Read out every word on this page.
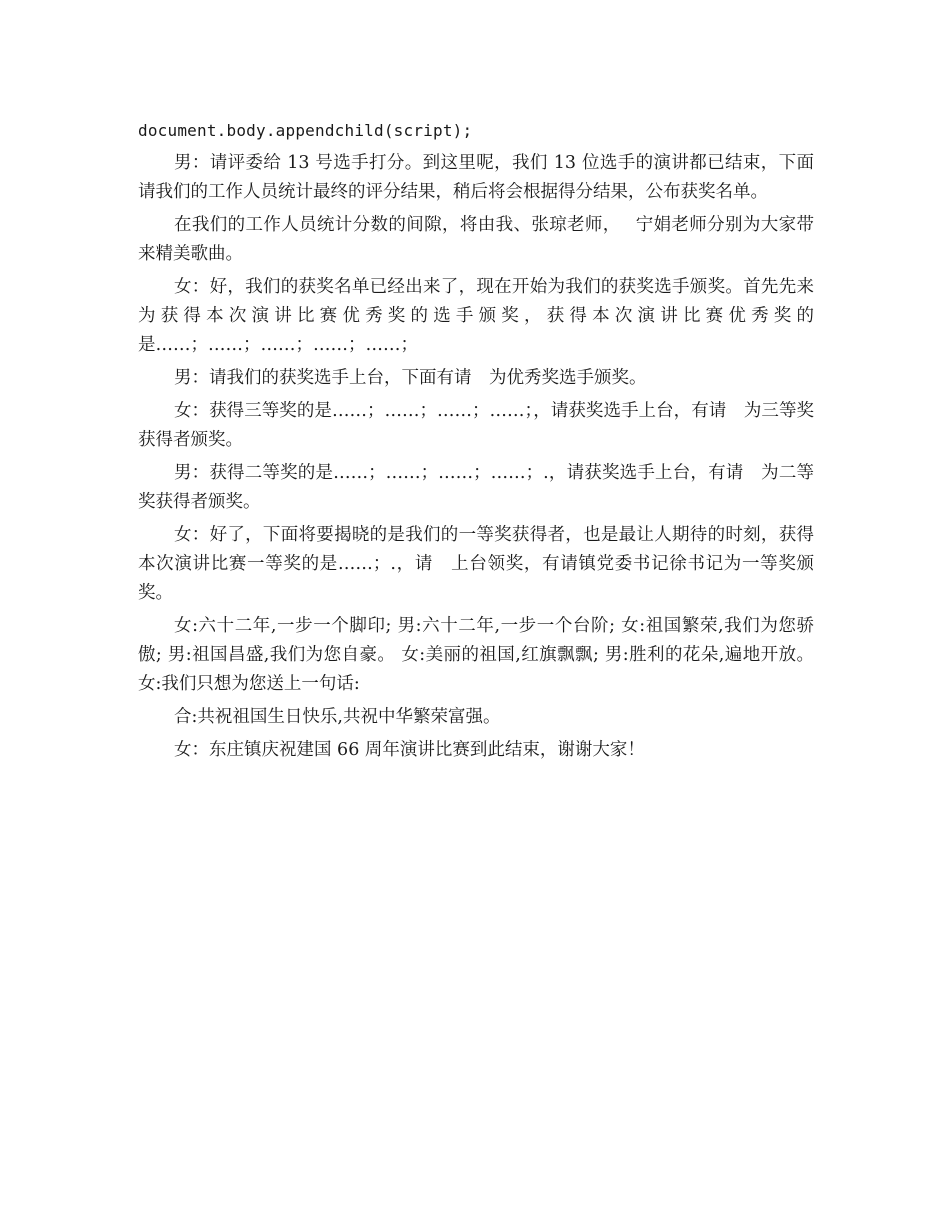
document.body.appendchild(script);

男：请评委给 13 号选手打分。到这里呢，我们 13 位选手的演讲都已结束，下面请我们的工作人员统计最终的评分结果，稍后将会根据得分结果，公布获奖名单。

在我们的工作人员统计分数的间隙，将由我、张琼老师，　 宁娟老师分别为大家带来精美歌曲。

女：好，我们的获奖名单已经出来了，现在开始为我们的获奖选手颁奖。首先先来为获得本次演讲比赛优秀奖的选手颁奖，获得本次演讲比赛优秀奖的是……；……；……；……；……；

男：请我们的获奖选手上台，下面有请　为优秀奖选手颁奖。

女：获得三等奖的是……；……；……；……；，请获奖选手上台，有请　为三等奖获得者颁奖。

男：获得二等奖的是……；……；……；……；.，请获奖选手上台，有请　为二等奖获得者颁奖。

女：好了，下面将要揭晓的是我们的一等奖获得者，也是最让人期待的时刻，获得本次演讲比赛一等奖的是……；.，请　上台领奖，有请镇党委书记徐书记为一等奖颁奖。

女:六十二年,一步一个脚印; 男:六十二年,一步一个台阶; 女:祖国繁荣,我们为您骄傲; 男:祖国昌盛,我们为您自豪。 女:美丽的祖国,红旗飘飘; 男:胜利的花朵,遍地开放。 女:我们只想为您送上一句话:

合:共祝祖国生日快乐,共祝中华繁荣富强。

女：东庄镇庆祝建国 66 周年演讲比赛到此结束，谢谢大家！
